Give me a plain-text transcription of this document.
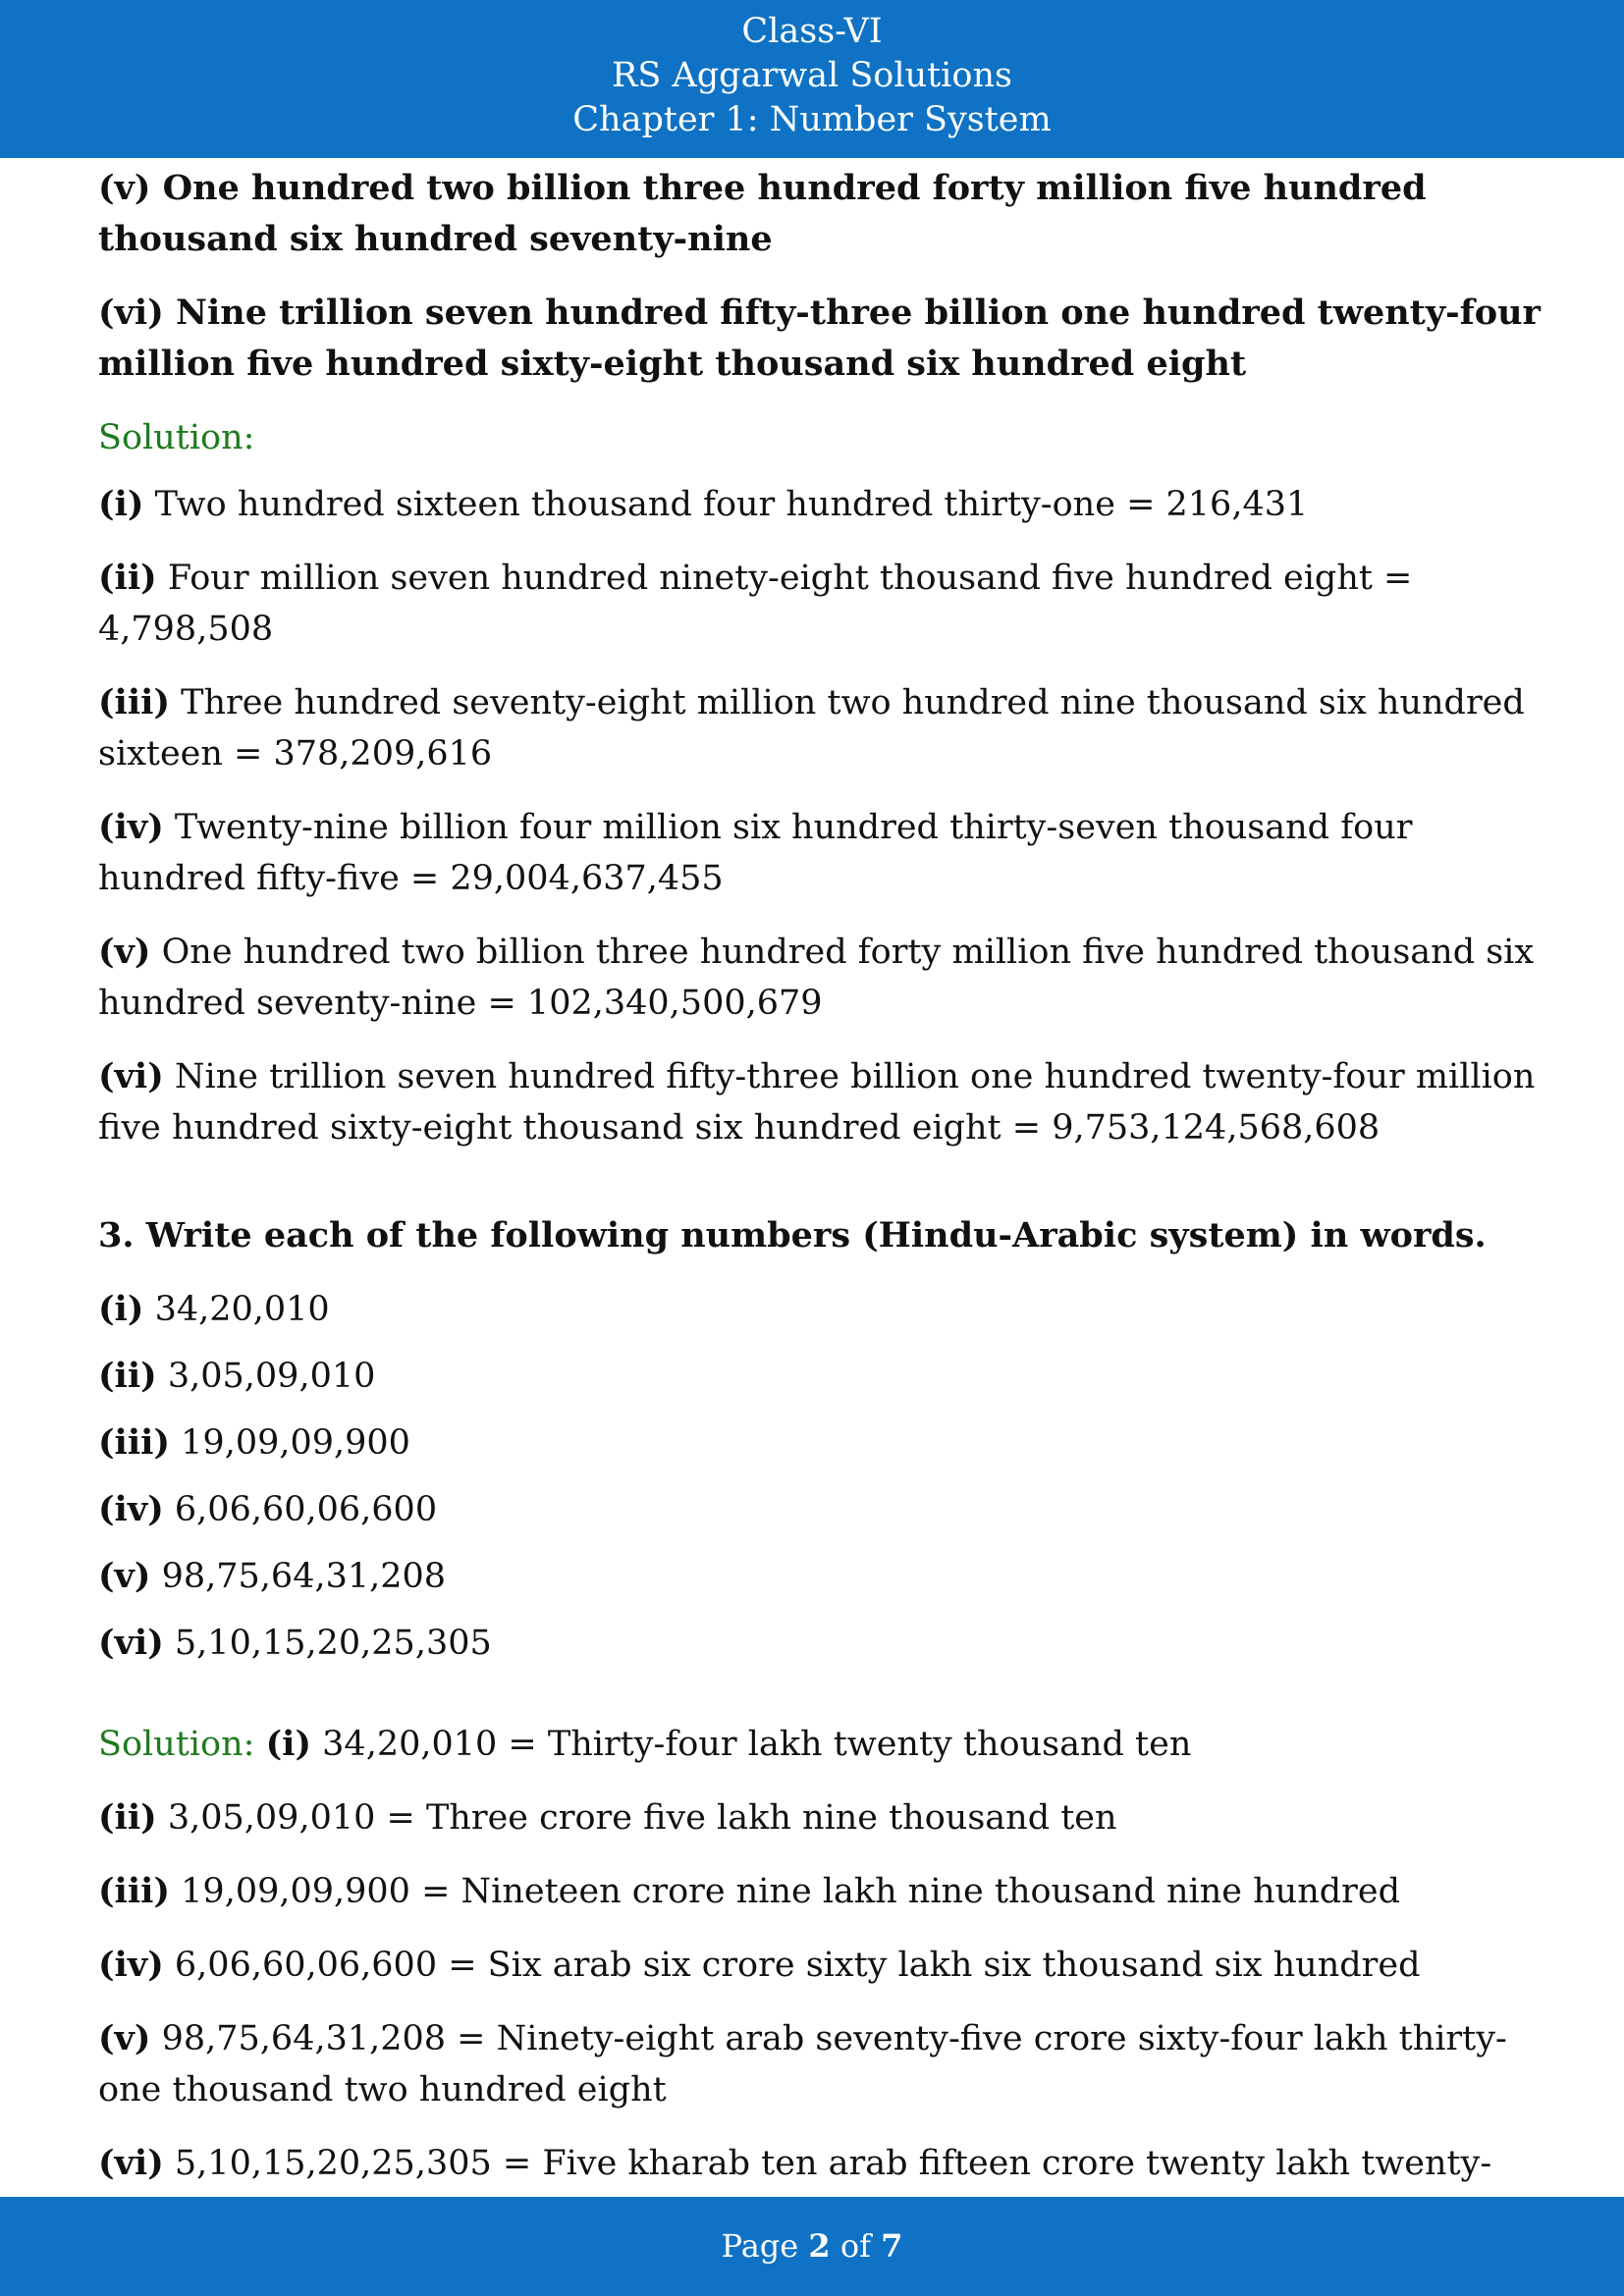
Class-VI
RS Aggarwal Solutions
Chapter 1: Number System
(v) One hundred two billion three hundred forty million five hundred thousand six hundred seventy-nine
(vi) Nine trillion seven hundred fifty-three billion one hundred twenty-four million five hundred sixty-eight thousand six hundred eight
Solution:
(i) Two hundred sixteen thousand four hundred thirty-one = 216,431
(ii) Four million seven hundred ninety-eight thousand five hundred eight = 4,798,508
(iii) Three hundred seventy-eight million two hundred nine thousand six hundred sixteen = 378,209,616
(iv) Twenty-nine billion four million six hundred thirty-seven thousand four hundred fifty-five = 29,004,637,455
(v) One hundred two billion three hundred forty million five hundred thousand six hundred seventy-nine = 102,340,500,679
(vi) Nine trillion seven hundred fifty-three billion one hundred twenty-four million five hundred sixty-eight thousand six hundred eight = 9,753,124,568,608
3. Write each of the following numbers (Hindu-Arabic system) in words.
(i) 34,20,010
(ii) 3,05,09,010
(iii) 19,09,09,900
(iv) 6,06,60,06,600
(v) 98,75,64,31,208
(vi) 5,10,15,20,25,305
Solution: (i) 34,20,010 = Thirty-four lakh twenty thousand ten
(ii) 3,05,09,010 = Three crore five lakh nine thousand ten
(iii) 19,09,09,900 = Nineteen crore nine lakh nine thousand nine hundred
(iv) 6,06,60,06,600 = Six arab six crore sixty lakh six thousand six hundred
(v) 98,75,64,31,208 = Ninety-eight arab seventy-five crore sixty-four lakh thirty-one thousand two hundred eight
(vi) 5,10,15,20,25,305 = Five kharab ten arab fifteen crore twenty lakh twenty-
Page 2 of 7
